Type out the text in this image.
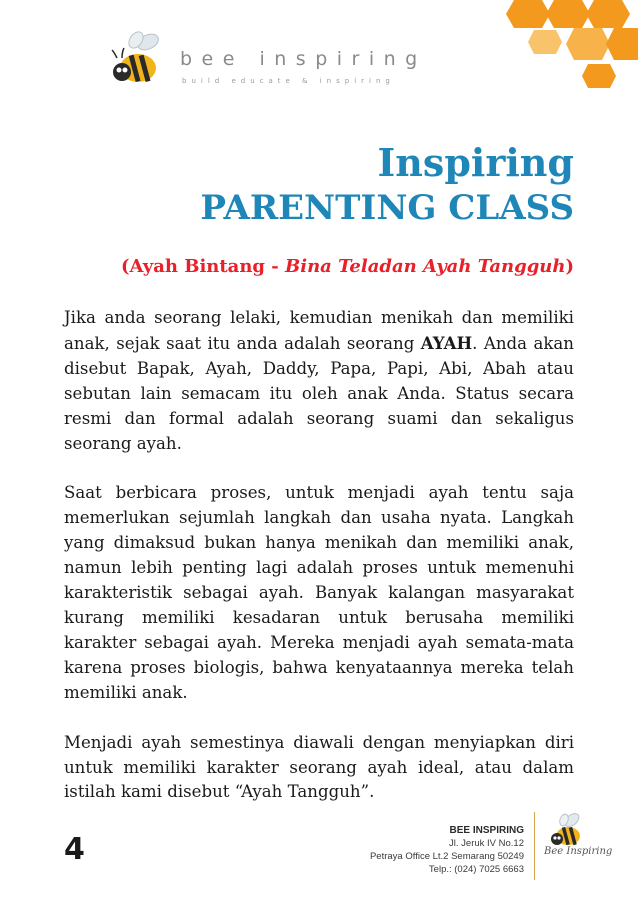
bee inspiring
build educate & inspiring
Inspiring
PARENTING CLASS
(Ayah Bintang - Bina Teladan Ayah Tangguh)

Jika anda seorang lelaki, kemudian menikah dan memiliki anak, sejak saat itu anda adalah seorang AYAH. Anda akan disebut Bapak, Ayah, Daddy, Papa, Papi, Abi, Abah atau sebutan lain semacam itu oleh anak Anda. Status secara resmi dan formal adalah seorang suami dan sekaligus seorang ayah.

Saat berbicara proses, untuk menjadi ayah tentu saja memerlukan sejumlah langkah dan usaha nyata. Langkah yang dimaksud bukan hanya menikah dan memiliki anak, namun lebih penting lagi adalah proses untuk memenuhi karakteristik sebagai ayah. Banyak kalangan masyarakat kurang memiliki kesadaran untuk berusaha memiliki karakter sebagai ayah. Mereka menjadi ayah semata-mata karena proses biologis, bahwa kenyataannya mereka telah memiliki anak.

Menjadi ayah semestinya diawali dengan menyiapkan diri untuk memiliki karakter seorang ayah ideal, atau dalam istilah kami disebut “Ayah Tangguh”.

4
BEE INSPIRING
Jl. Jeruk IV No.12
Petraya Office Lt.2 Semarang 50249
Telp.: (024) 7025 6663
Bee Inspiring
